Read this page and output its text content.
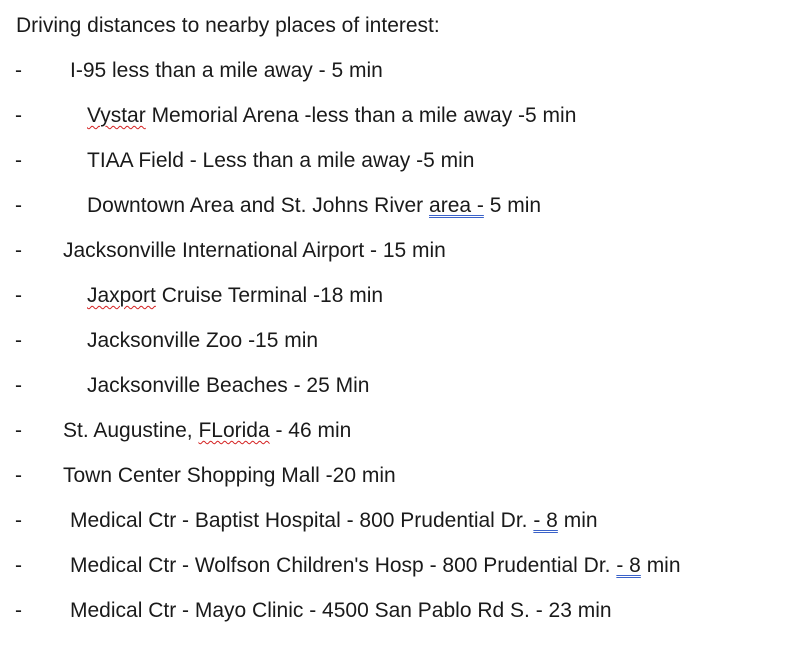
Driving distances to nearby places of interest:
- I-95 less than a mile away - 5 min
-	Vystar Memorial Arena -less than a mile away -5 min
-	TIAA Field - Less than a mile away -5 min
-	Downtown Area and St. Johns River area - 5 min
- Jacksonville International Airport - 15 min
-	Jaxport Cruise Terminal -18 min
-	Jacksonville Zoo -15 min
-	Jacksonville Beaches - 25 Min
- St. Augustine, FLorida - 46 min
- Town Center Shopping Mall -20 min
- Medical Ctr - Baptist Hospital - 800 Prudential Dr. - 8 min
- Medical Ctr - Wolfson Children's Hosp - 800 Prudential Dr. - 8 min
- Medical Ctr - Mayo Clinic - 4500 San Pablo Rd S. - 23 min
